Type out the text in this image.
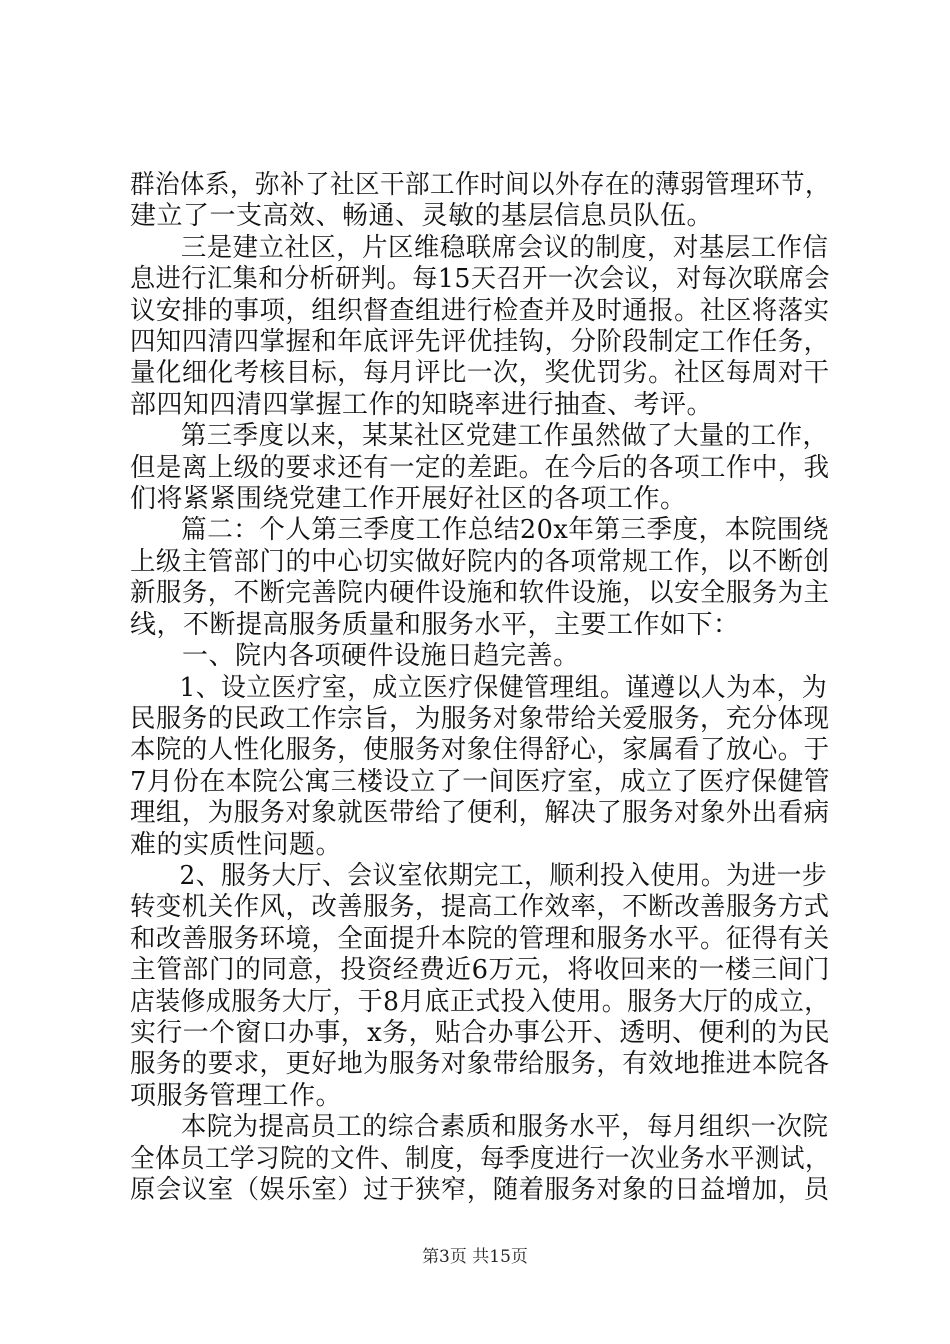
群治体系，弥补了社区干部工作时间以外存在的薄弱管理环节，
建立了一支高效、畅通、灵敏的基层信息员队伍。
三是建立社区，片区维稳联席会议的制度，对基层工作信
息进行汇集和分析研判。每15天召开一次会议，对每次联席会
议安排的事项，组织督查组进行检查并及时通报。社区将落实
四知四清四掌握和年底评先评优挂钩，分阶段制定工作任务，
量化细化考核目标，每月评比一次，奖优罚劣。社区每周对干
部四知四清四掌握工作的知晓率进行抽查、考评。
第三季度以来，某某社区党建工作虽然做了大量的工作，
但是离上级的要求还有一定的差距。在今后的各项工作中，我
们将紧紧围绕党建工作开展好社区的各项工作。
篇二：个人第三季度工作总结20x年第三季度，本院围绕
上级主管部门的中心切实做好院内的各项常规工作，以不断创
新服务，不断完善院内硬件设施和软件设施，以安全服务为主
线，不断提高服务质量和服务水平，主要工作如下：
一、院内各项硬件设施日趋完善。
1、设立医疗室，成立医疗保健管理组。谨遵以人为本，为
民服务的民政工作宗旨，为服务对象带给关爱服务，充分体现
本院的人性化服务，使服务对象住得舒心，家属看了放心。于
7月份在本院公寓三楼设立了一间医疗室，成立了医疗保健管
理组，为服务对象就医带给了便利，解决了服务对象外出看病
难的实质性问题。
2、服务大厅、会议室依期完工，顺利投入使用。为进一步
转变机关作风，改善服务，提高工作效率，不断改善服务方式
和改善服务环境，全面提升本院的管理和服务水平。征得有关
主管部门的同意，投资经费近6万元，将收回来的一楼三间门
店装修成服务大厅，于8月底正式投入使用。服务大厅的成立，
实行一个窗口办事，x务，贴合办事公开、透明、便利的为民
服务的要求，更好地为服务对象带给服务，有效地推进本院各
项服务管理工作。
本院为提高员工的综合素质和服务水平，每月组织一次院
全体员工学习院的文件、制度，每季度进行一次业务水平测试，
原会议室（娱乐室）过于狭窄，随着服务对象的日益增加，员
第3页 共15页
